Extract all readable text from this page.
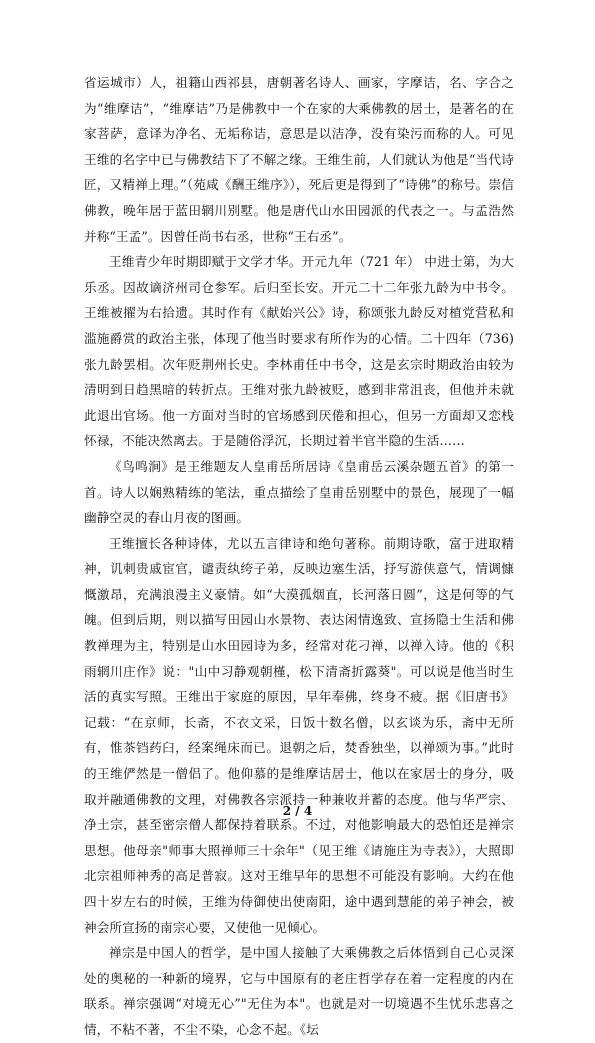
省运城市）人，祖籍山西祁县，唐朝著名诗人、画家，字摩诘，名、字合之为“维摩诘”，“维摩诘”乃是佛教中一个在家的大乘佛教的居士，是著名的在家菩萨，意译为净名、无垢称诘，意思是以洁净，没有染污而称的人。可见王维的名字中已与佛教结下了不解之缘。王维生前，人们就认为他是“当代诗匠，又精禅上理。”（苑咸《酬王维序》），死后更是得到了“诗佛”的称号。崇信佛教，晚年居于蓝田辋川别墅。他是唐代山水田园派的代表之一。与孟浩然并称“王孟”。因曾任尚书右丞，世称“王右丞”。

王维青少年时期即赋于文学才华。开元九年（721 年） 中进士第，为大乐丞。因故谪济州司仓参军。后归至长安。开元二十二年张九龄为中书令。王维被擢为右拾遗。其时作有《献始兴公》诗，称颂张九龄反对植党营私和滥施爵赏的政治主张，体现了他当时要求有所作为的心情。二十四年（736)张九龄罢相。次年贬荆州长史。李林甫任中书令，这是玄宗时期政治由较为清明到日趋黑暗的转折点。王维对张九龄被贬，感到非常沮丧，但他并未就此退出官场。他一方面对当时的官场感到厌倦和担心，但另一方面却又恋栈怀禄，不能决然离去。于是随俗浮沉，长期过着半官半隐的生活……

《鸟鸣涧》是王维题友人皇甫岳所居诗《皇甫岳云溪杂题五首》的第一首。诗人以娴熟精练的笔法，重点描绘了皇甫岳别墅中的景色，展现了一幅幽静空灵的春山月夜的图画。

王维擅长各种诗体，尤以五言律诗和绝句著称。前期诗歌，富于进取精神，讥刺贵戚宦官，谴责纨绔子弟，反映边塞生活，抒写游侠意气，情调慷慨激昂，充满浪漫主义豪情。如“大漠孤烟直，长河落日圆”，这是何等的气魄。但到后期，则以描写田园山水景物、表达闲情逸致、宣扬隐士生活和佛教禅理为主，特别是山水田园诗为多，经常对花刁禅，以禅入诗。他的《积雨辋川庄作》说："山中习静观朝槿，松下清斋折露葵"。可以说是他当时生活的真实写照。王维出于家庭的原因，早年奉佛，终身不疲。据《旧唐书》记载：“在京师，长斋，不衣文采，日饭十数名僧，以玄谈为乐，斋中无所有，惟茶铛药臼，经案绳床而已。退朝之后，焚香独坐，以禅颂为事。”此时的王维俨然是一僧侣了。他仰慕的是维摩诘居士，他以在家居士的身分，吸取并融通佛教的文理，对佛教各宗派持一种兼收并蓄的态度。他与华严宗、净土宗，甚至密宗僧人都保持着联系。不过，对他影响最大的恐怕还是禅宗思想。他母亲"师事大照禅师三十余年"（见王维《请施庄为寺表》），大照即北宗祖师神秀的高足普寂。这对王维早年的思想不可能没有影响。大约在他四十岁左右的时候，王维为侍御使出使南阳，途中遇到慧能的弟子神会，被神会所宣扬的南宗心要，又使他一见倾心。

禅宗是中国人的哲学，是中国人接触了大乘佛教之后体悟到自己心灵深处的奥秘的一种新的境界，它与中国原有的老庄哲学存在着一定程度的内在联系。禅宗强调“对境无心”"无住为本"。也就是对一切境遇不生忧乐悲喜之情，不粘不著，不尘不染，心念不起。《坛

2 / 4
